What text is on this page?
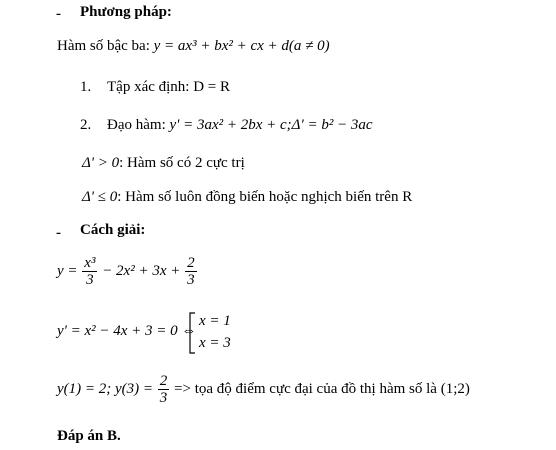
- Phương pháp:
Hàm số bậc ba: y = ax³ + bx² + cx + d(a ≠ 0)
1. Tập xác định: D = R
2. Đạo hàm: y' = 3ax² + 2bx + c;Δ' = b² − 3ac
Δ' > 0: Hàm số có 2 cực trị
Δ' ≤ 0: Hàm số luôn đồng biến hoặc nghịch biến trên R
- Cách giải:
$y = \frac{\text{x³}}{3} - 2x^2 + 3x + \frac{2}{3}$
y' = x² − 4x + 3 = 0 ⇔
x = 1
x = 3
y(1) = 2; $y(3) = \frac{2}{3}$ => tọa độ điểm cực đại của đồ thị hàm số là (1;2)
Đáp án B.
